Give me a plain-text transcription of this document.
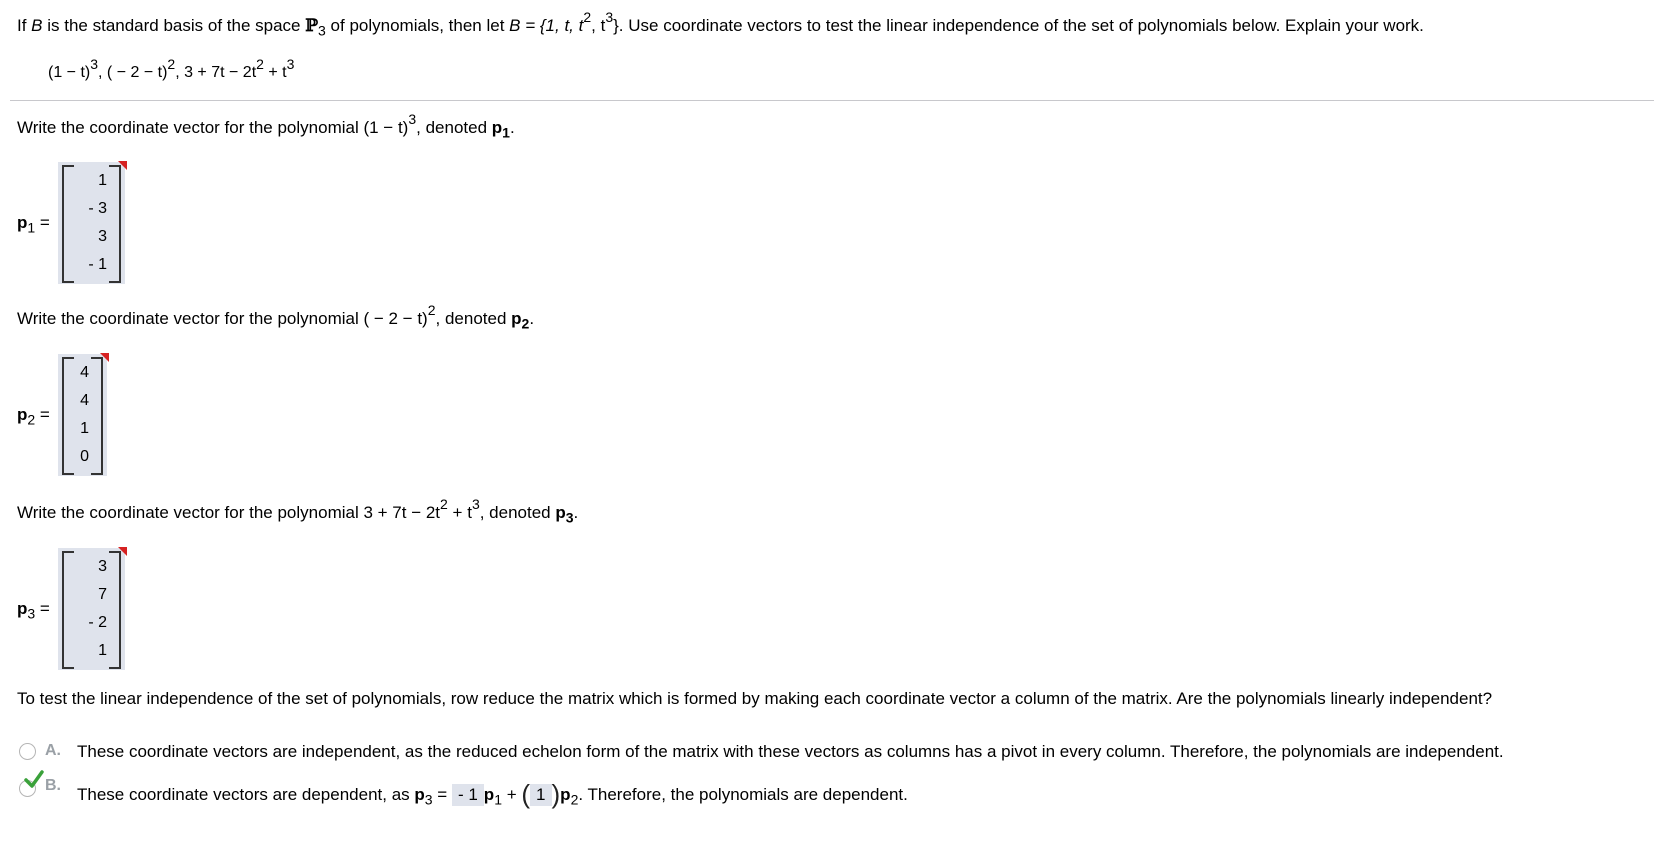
If B is the standard basis of the space ℙ$_3$ of polynomials, then let B = {1, t, $t^2$, $t^3$}. Use coordinate vectors to test the linear independence of the set of polynomials below. Explain your work.
$(1 - t)^3$, ( − 2 − t)$^2$, $3 + 7t - 2t^2 + t^3$
Write the coordinate vector for the polynomial $(1 - t)^3$, denoted $p_1$.
$p_1$ =
1
- 3
3
- 1
Write the coordinate vector for the polynomial ( − 2 − t)$^2$, denoted $p_2$.
$p_2$ =
4
4
1
0
Write the coordinate vector for the polynomial $3 + 7t - 2t^2 + t^3$, denoted $p_3$.
$p_3$ =
3
7
- 2
1
To test the linear independence of the set of polynomials, row reduce the matrix which is formed by making each coordinate vector a column of the matrix. Are the polynomials linearly independent?
A. These coordinate vectors are independent, as the reduced echelon form of the matrix with these vectors as columns has a pivot in every column. Therefore, the polynomials are independent.
B. These coordinate vectors are dependent, as $p_3$ = - 1 $p_1$ + ( 1 )$p_2$. Therefore, the polynomials are dependent.
